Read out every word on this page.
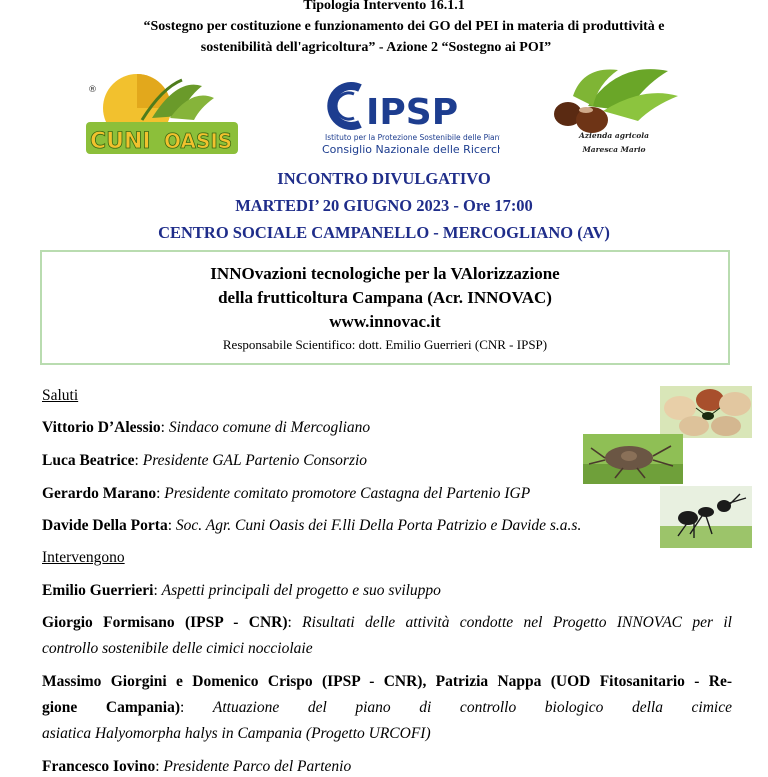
Tipologia Intervento 16.1.1
“Sostegno per costituzione e funzionamento dei GO del PEI in materia di produttività e
sostenibilità dell'agricoltura” - Azione 2 “Sostegno ai POI”
®
CUNI OASIS
IPSP
Istituto per la Protezione Sostenibile delle Piante
Consiglio Nazionale delle Ricerche
Azienda agricola
Maresca Mario
INCONTRO DIVULGATIVO
MARTEDI’ 20 GIUGNO 2023 - Ore 17:00
CENTRO SOCIALE CAMPANELLO - MERCOGLIANO (AV)
INNOvazioni tecnologiche per la VAlorizzazione
della frutticoltura Campana (Acr. INNOVAC)
www.innovac.it
Responsabile Scientifico: dott. Emilio Guerrieri (CNR - IPSP)
Saluti
Vittorio D’Alessio: Sindaco comune di Mercogliano
Luca Beatrice: Presidente GAL Partenio Consorzio
Gerardo Marano: Presidente comitato promotore Castagna del Partenio IGP
Davide Della Porta: Soc. Agr. Cuni Oasis dei F.lli Della Porta Patrizio e Davide s.a.s.
Intervengono
Emilio Guerrieri: Aspetti principali del progetto e suo sviluppo
Giorgio Formisano (IPSP - CNR): Risultati delle attività condotte nel Progetto INNOVAC per il
controllo sostenibile delle cimici nocciolaie
Massimo Giorgini e Domenico Crispo (IPSP - CNR), Patrizia Nappa (UOD Fitosanitario - Re-
gione Campania): Attuazione del piano di controllo biologico della cimice
asiatica Halyomorpha halys in Campania (Progetto URCOFI)
Francesco Iovino: Presidente Parco del Partenio
